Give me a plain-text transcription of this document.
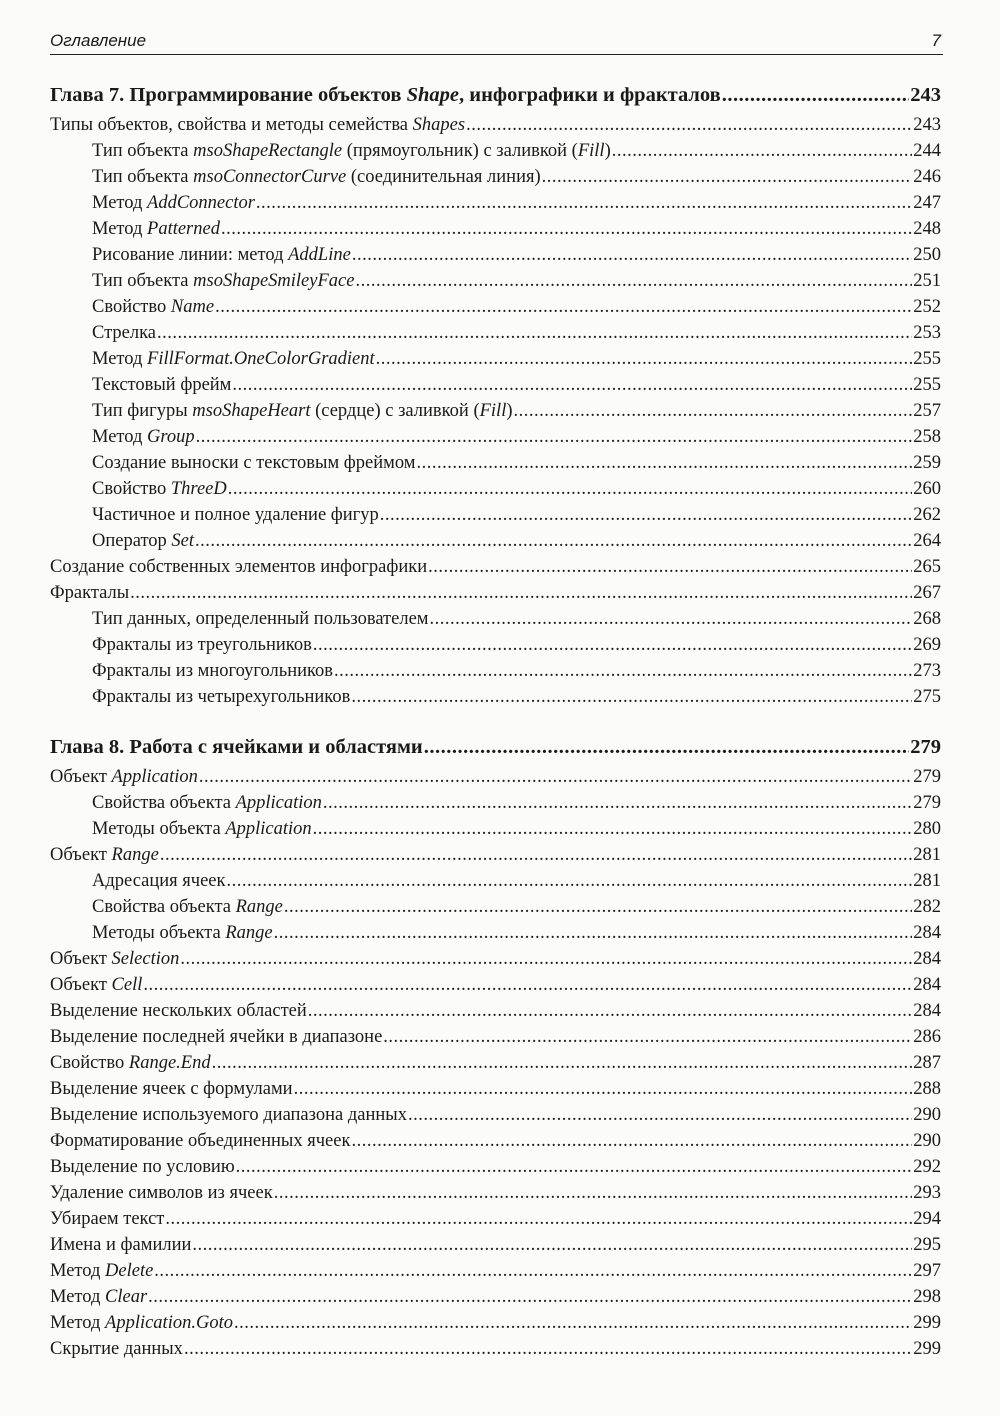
Оглавление	7
Глава 7. Программирование объектов Shape, инфографики и фракталов .....	243
Типы объектов, свойства и методы семейства Shapes .....	243
Тип объекта msoShapeRectangle (прямоугольник) с заливкой (Fill) .....	244
Тип объекта msoConnectorCurve (соединительная линия) .....	246
Метод AddConnector .....	247
Метод Patterned .....	248
Рисование линии: метод AddLine .....	250
Тип объекта msoShapeSmileyFace .....	251
Свойство Name .....	252
Стрелка .....	253
Метод FillFormat.OneColorGradient .....	255
Текстовый фрейм .....	255
Тип фигуры msoShapeHeart (сердце) с заливкой (Fill) .....	257
Метод Group .....	258
Создание выноски с текстовым фреймом .....	259
Свойство ThreeD .....	260
Частичное и полное удаление фигур .....	262
Оператор Set .....	264
Создание собственных элементов инфографики .....	265
Фракталы .....	267
Тип данных, определенный пользователем .....	268
Фракталы из треугольников .....	269
Фракталы из многоугольников .....	273
Фракталы из четырехугольников .....	275
Глава 8. Работа с ячейками и областями .....	279
Объект Application .....	279
Свойства объекта Application .....	279
Методы объекта Application .....	280
Объект Range .....	281
Адресация ячеек .....	281
Свойства объекта Range .....	282
Методы объекта Range .....	284
Объект Selection .....	284
Объект Cell .....	284
Выделение нескольких областей .....	284
Выделение последней ячейки в диапазоне .....	286
Свойство Range.End .....	287
Выделение ячеек с формулами .....	288
Выделение используемого диапазона данных .....	290
Форматирование объединенных ячеек .....	290
Выделение по условию .....	292
Удаление символов из ячеек .....	293
Убираем текст .....	294
Имена и фамилии .....	295
Метод Delete .....	297
Метод Clear .....	298
Метод Application.Goto .....	299
Скрытие данных .....	299
